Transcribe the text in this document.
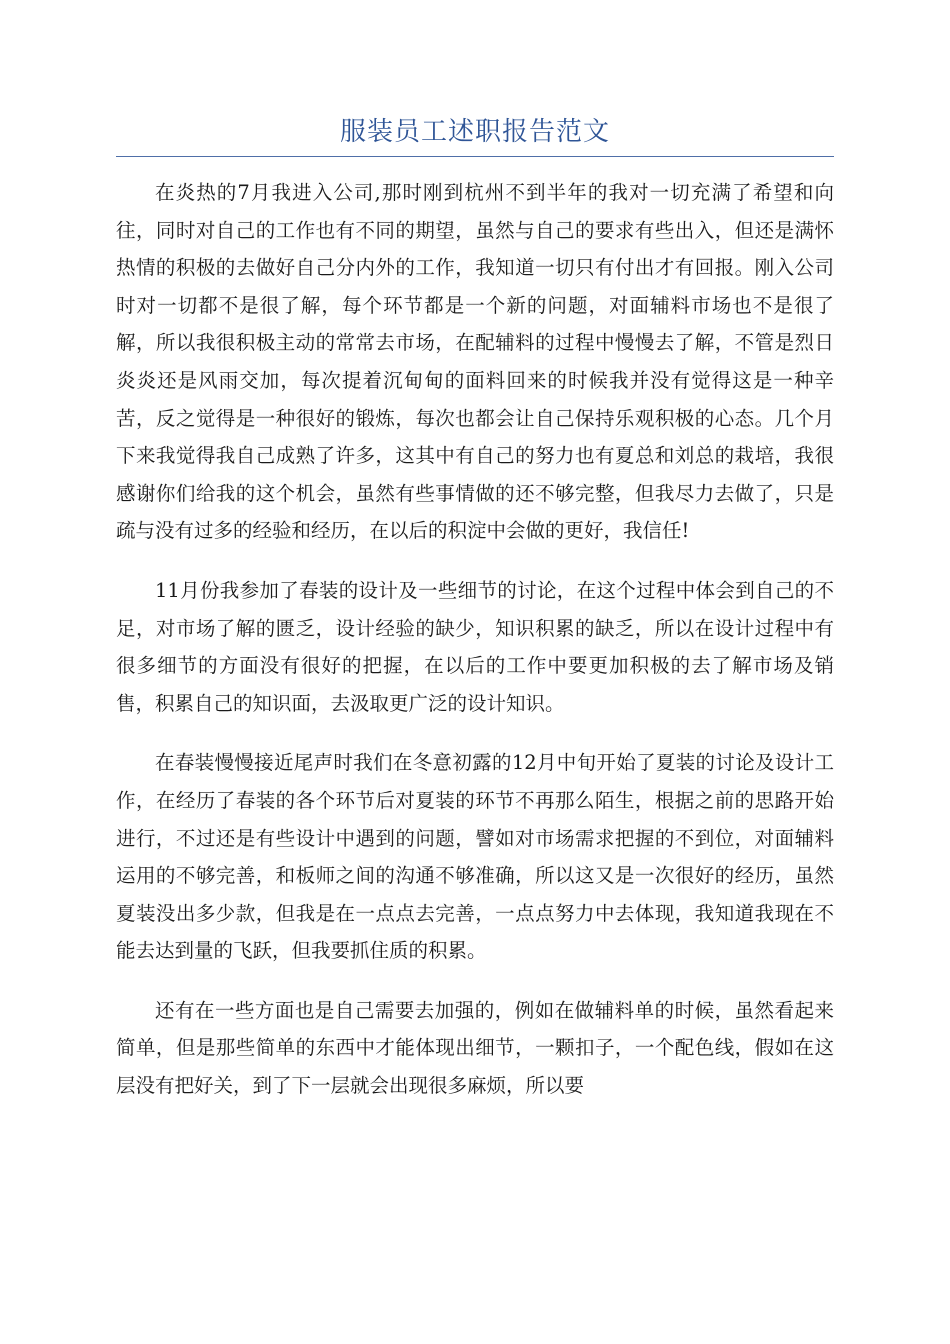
服装员工述职报告范文

在炎热的7月我进入公司,那时刚到杭州不到半年的我对一切充满了希望和向往，同时对自己的工作也有不同的期望，虽然与自己的要求有些出入，但还是满怀热情的积极的去做好自己分内外的工作，我知道一切只有付出才有回报。刚入公司时对一切都不是很了解，每个环节都是一个新的问题，对面辅料市场也不是很了解，所以我很积极主动的常常去市场，在配辅料的过程中慢慢去了解，不管是烈日炎炎还是风雨交加，每次提着沉甸甸的面料回来的时候我并没有觉得这是一种辛苦，反之觉得是一种很好的锻炼，每次也都会让自己保持乐观积极的心态。几个月下来我觉得我自己成熟了许多，这其中有自己的努力也有夏总和刘总的栽培，我很感谢你们给我的这个机会，虽然有些事情做的还不够完整，但我尽力去做了，只是疏与没有过多的经验和经历，在以后的积淀中会做的更好，我信任!

11月份我参加了春装的设计及一些细节的讨论，在这个过程中体会到自己的不足，对市场了解的匮乏，设计经验的缺少，知识积累的缺乏，所以在设计过程中有很多细节的方面没有很好的把握，在以后的工作中要更加积极的去了解市场及销售，积累自己的知识面，去汲取更广泛的设计知识。

在春装慢慢接近尾声时我们在冬意初露的12月中旬开始了夏装的讨论及设计工作，在经历了春装的各个环节后对夏装的环节不再那么陌生，根据之前的思路开始进行，不过还是有些设计中遇到的问题，譬如对市场需求把握的不到位，对面辅料运用的不够完善，和板师之间的沟通不够准确，所以这又是一次很好的经历，虽然夏装没出多少款，但我是在一点点去完善，一点点努力中去体现，我知道我现在不能去达到量的飞跃，但我要抓住质的积累。

还有在一些方面也是自己需要去加强的，例如在做辅料单的时候，虽然看起来简单，但是那些简单的东西中才能体现出细节，一颗扣子，一个配色线，假如在这层没有把好关，到了下一层就会出现很多麻烦，所以要
